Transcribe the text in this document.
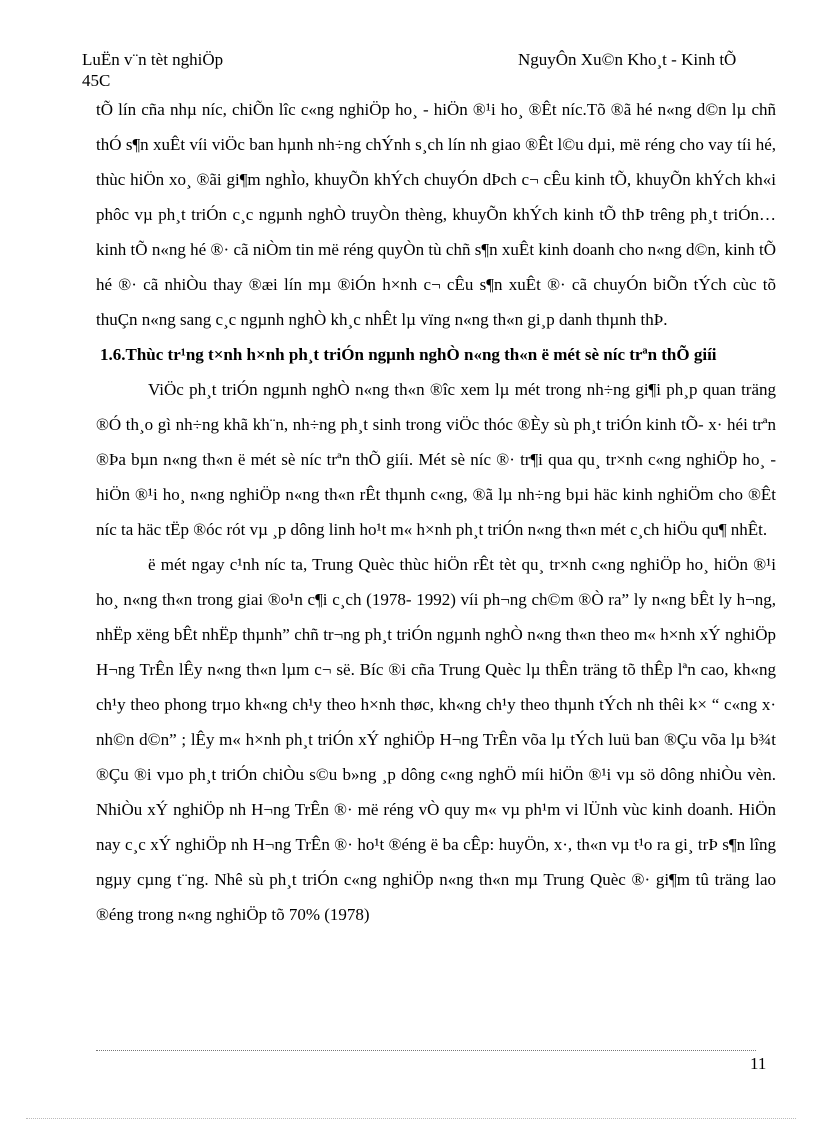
LuËn v¨n tèt nghiÖp
45C
NguyÔn Xu©n Kho¸t - Kinh tÕ

tÕ lín cña nhµ níc, chiÕn lîc c«ng nghiÖp ho¸ - hiÖn ®¹i ho¸ ®Êt níc.Tõ ®ã hé n«ng d©n lµ chñ thÓ s¶n xuÊt víi viÖc ban hµnh nh÷ng chÝnh s¸ch lín nh giao ®Êt l©u dµi, më réng cho vay tíi hé, thùc hiÖn xo¸ ®ãi gi¶m nghÌo, khuyÕn khÝch chuyÓn dÞch c¬ cÊu kinh tÕ, khuyÕn khÝch kh«i phôc vµ ph¸t triÓn c¸c ngµnh nghÒ truyÒn thèng, khuyÕn khÝch kinh tÕ thÞ trêng ph¸t triÓn… kinh tÕ n«ng hé ®· cã niÒm tin më réng quyÒn tù chñ s¶n xuÊt kinh doanh cho n«ng d©n, kinh tÕ hé ®· cã nhiÒu thay ®æi lín mµ ®iÓn h×nh c¬ cÊu s¶n xuÊt ®· cã chuyÓn biÕn tÝch cùc tõ thuÇn n«ng sang c¸c ngµnh nghÒ kh¸c nhÊt lµ vïng n«ng th«n gi¸p danh thµnh thÞ.

1.6.Thùc tr¹ng t×nh h×nh ph¸t triÓn ngµnh nghÒ n«ng th«n ë mét sè níc trªn thÕ giíi

ViÖc ph¸t triÓn ngµnh nghÒ n«ng th«n ®îc xem lµ mét trong nh÷ng gi¶i ph¸p quan träng ®Ó th¸o gì nh÷ng khã kh¨n, nh÷ng ph¸t sinh trong viÖc thóc ®Èy sù ph¸t triÓn kinh tÕ- x· héi trªn ®Þa bµn n«ng th«n ë mét sè níc trªn thÕ giíi. Mét sè níc ®· tr¶i qua qu¸ tr×nh c«ng nghiÖp ho¸ - hiÖn ®¹i ho¸ n«ng nghiÖp n«ng th«n rÊt thµnh c«ng, ®ã lµ nh÷ng bµi häc kinh nghiÖm cho ®Êt níc ta häc tËp ®óc rót vµ ¸p dông linh ho¹t m« h×nh ph¸t triÓn n«ng th«n mét c¸ch hiÖu qu¶ nhÊt.

ë mét ngay c¹nh níc ta, Trung Quèc thùc hiÖn rÊt tèt qu¸ tr×nh c«ng nghiÖp ho¸ hiÖn ®¹i ho¸ n«ng th«n trong giai ®o¹n c¶i c¸ch (1978- 1992) víi ph¬ng ch©m ®Ò ra” ly n«ng bÊt ly h¬ng, nhËp xëng bÊt nhËp thµnh” chñ tr¬ng ph¸t triÓn ngµnh nghÒ n«ng th«n theo m« h×nh xÝ nghiÖp H¬ng TrÊn lÊy n«ng th«n lµm c¬ së. Bíc ®i cña Trung Quèc lµ thÊn träng tõ thÊp lªn cao, kh«ng ch¹y theo phong trµo kh«ng ch¹y theo h×nh thøc, kh«ng ch¹y theo thµnh tÝch nh thêi k× “ c«ng x· nh©n d©n” ; lÊy m« h×nh ph¸t triÓn xÝ nghiÖp H¬ng TrÊn võa lµ tÝch luü ban ®Çu võa lµ b¾t ®Çu ®i vµo ph¸t triÓn chiÒu s©u b»ng ¸p dông c«ng nghÖ míi hiÖn ®¹i vµ sö dông nhiÒu vèn. NhiÒu xÝ nghiÖp nh H¬ng TrÊn ®· më réng vÒ quy m« vµ ph¹m vi lÜnh vùc kinh doanh. HiÖn nay c¸c xÝ nghiÖp nh H¬ng TrÊn ®· ho¹t ®éng ë ba cÊp: huyÖn, x·, th«n vµ t¹o ra gi¸ trÞ s¶n lîng ngµy cµng t¨ng. Nhê sù ph¸t triÓn c«ng nghiÖp n«ng th«n mµ Trung Quèc ®· gi¶m tû träng lao ®éng trong n«ng nghiÖp tõ 70% (1978)

11
